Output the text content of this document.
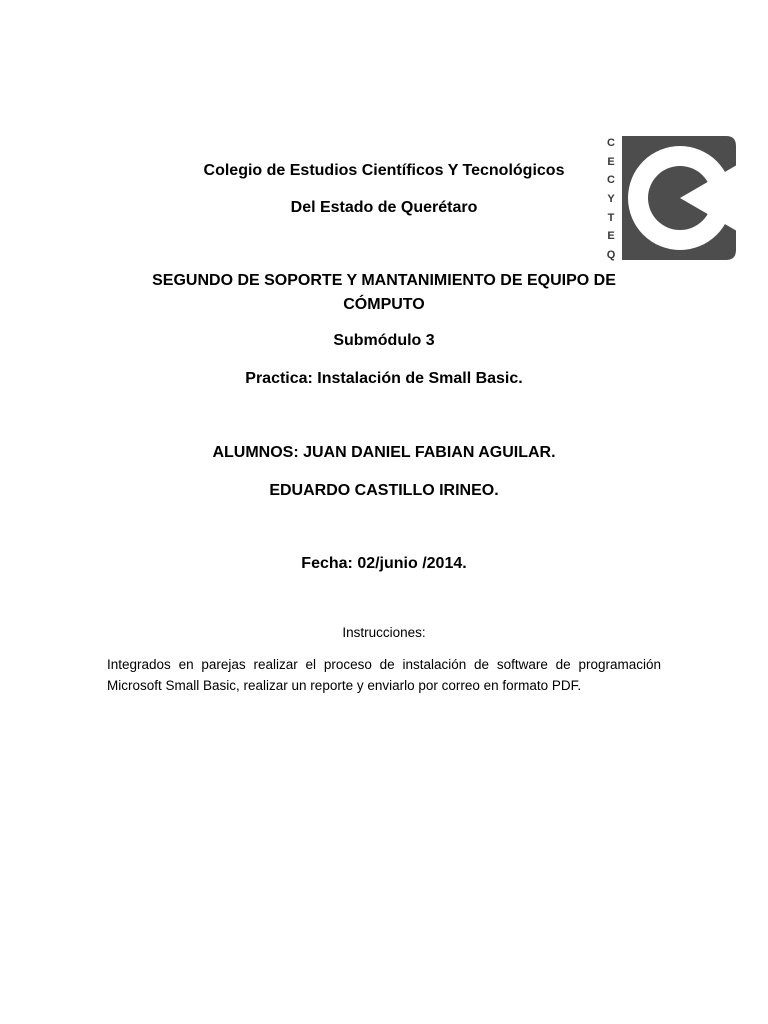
C
E
C
Y
T
E
Q
Colegio de Estudios Científicos Y Tecnológicos
Del Estado de Querétaro
SEGUNDO DE SOPORTE Y MANTANIMIENTO DE EQUIPO DE CÓMPUTO
Submódulo 3
Practica: Instalación de Small Basic.
ALUMNOS: JUAN DANIEL FABIAN AGUILAR.
EDUARDO CASTILLO IRINEO.
Fecha: 02/junio /2014.
Instrucciones:
Integrados en parejas realizar el proceso de instalación de software de programación Microsoft Small Basic, realizar un reporte y enviarlo por correo en formato PDF.
